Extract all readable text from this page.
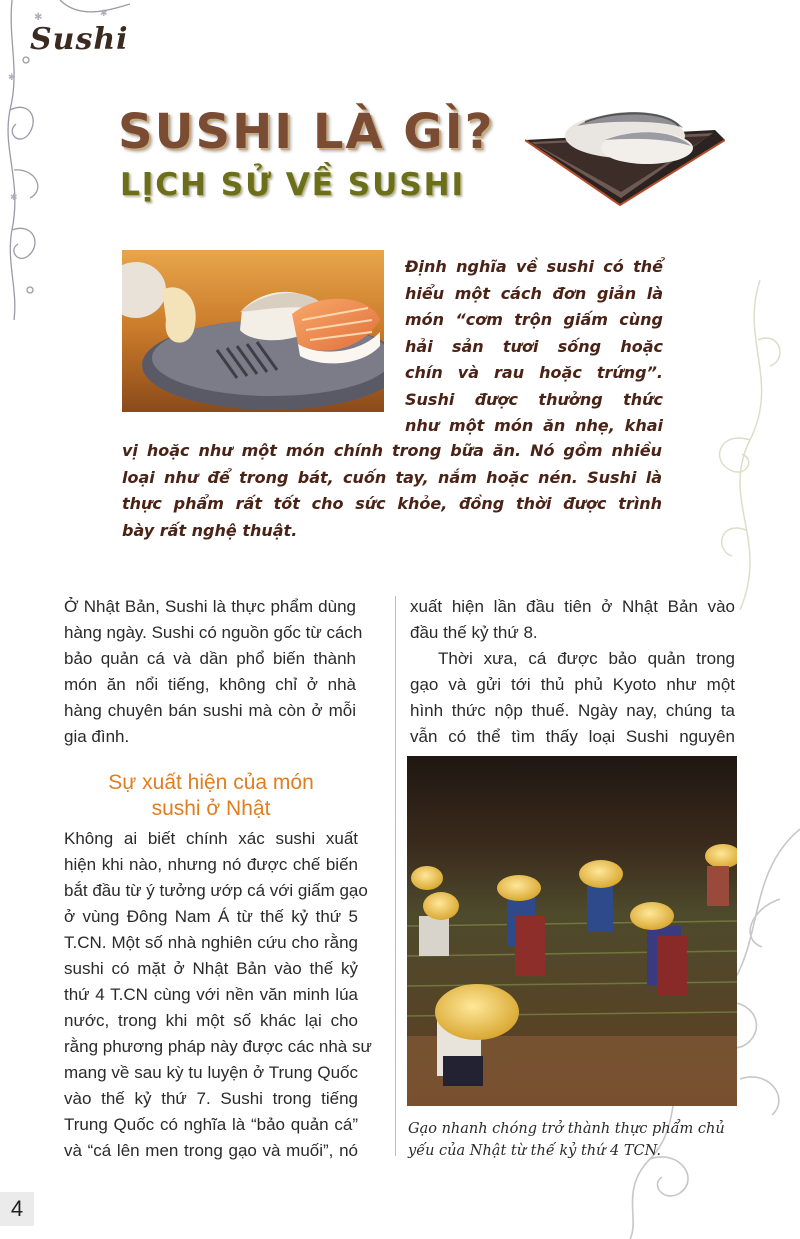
✱
✱
✱
✱
Sushi
SUSHI LÀ GÌ?
LỊCH SỬ VỀ SUSHI
Định nghĩa về sushi có thể
hiểu một cách đơn giản là
món “cơm trộn giấm cùng
hải sản tươi sống hoặc
chín và rau hoặc trứng”.
Sushi được thưởng thức
như một món ăn nhẹ, khai
vị hoặc như một món chính trong bữa ăn. Nó gồm nhiều
loại như để trong bát, cuốn tay, nắm hoặc nén. Sushi là
thực phẩm rất tốt cho sức khỏe, đồng thời được trình
bày rất nghệ thuật.
Ở Nhật Bản, Sushi là thực phẩm dùng
hàng ngày. Sushi có nguồn gốc từ cách
bảo quản cá và dần phổ biến thành
món ăn nổi tiếng, không chỉ ở nhà
hàng chuyên bán sushi mà còn ở mỗi
gia đình.
Sự xuất hiện của món
sushi ở Nhật
Không ai biết chính xác sushi xuất
hiện khi nào, nhưng nó được chế biến
bắt đầu từ ý tưởng ướp cá với giấm gạo
ở vùng Đông Nam Á từ thế kỷ thứ 5
T.CN. Một số nhà nghiên cứu cho rằng
sushi có mặt ở Nhật Bản vào thế kỷ
thứ 4 T.CN cùng với nền văn minh lúa
nước, trong khi một số khác lại cho
rằng phương pháp này được các nhà sư
mang về sau kỳ tu luyện ở Trung Quốc
vào thế kỷ thứ 7. Sushi trong tiếng
Trung Quốc có nghĩa là “bảo quản cá”
và “cá lên men trong gạo và muối”, nó
xuất hiện lần đầu tiên ở Nhật Bản vào
đầu thế kỷ thứ 8.
Thời xưa, cá được bảo quản trong
gạo và gửi tới thủ phủ Kyoto như một
hình thức nộp thuế. Ngày nay, chúng ta
vẫn có thể tìm thấy loại Sushi nguyên
Gạo nhanh chóng trở thành thực phẩm chủ
yếu của Nhật từ thế kỷ thứ 4 TCN.
4
